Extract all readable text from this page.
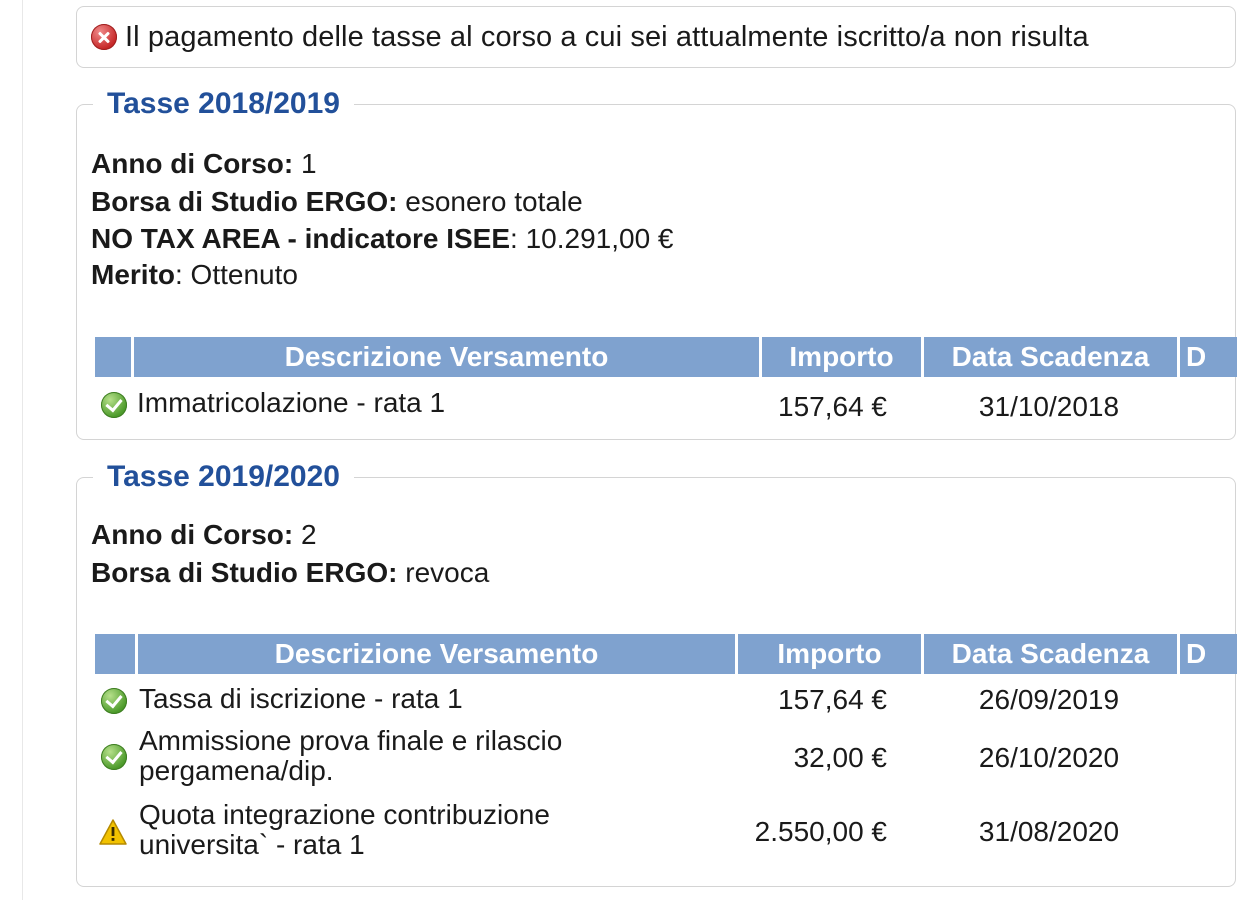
Il pagamento delle tasse al corso a cui sei attualmente iscritto/a non risulta
Tasse 2018/2019
Anno di Corso: 1
Borsa di Studio ERGO: esonero totale
NO TAX AREA - indicatore ISEE: 10.291,00 €
Merito: Ottenuto
Descrizione Versamento	Importo	Data Scadenza	D
Immatricolazione - rata 1	157,64 €	31/10/2018
Tasse 2019/2020
Anno di Corso: 2
Borsa di Studio ERGO: revoca
Descrizione Versamento	Importo	Data Scadenza	D
Tassa di iscrizione - rata 1	157,64 €	26/09/2019
Ammissione prova finale e rilascio pergamena/dip.	32,00 €	26/10/2020
Quota integrazione contribuzione universita` - rata 1	2.550,00 €	31/08/2020
